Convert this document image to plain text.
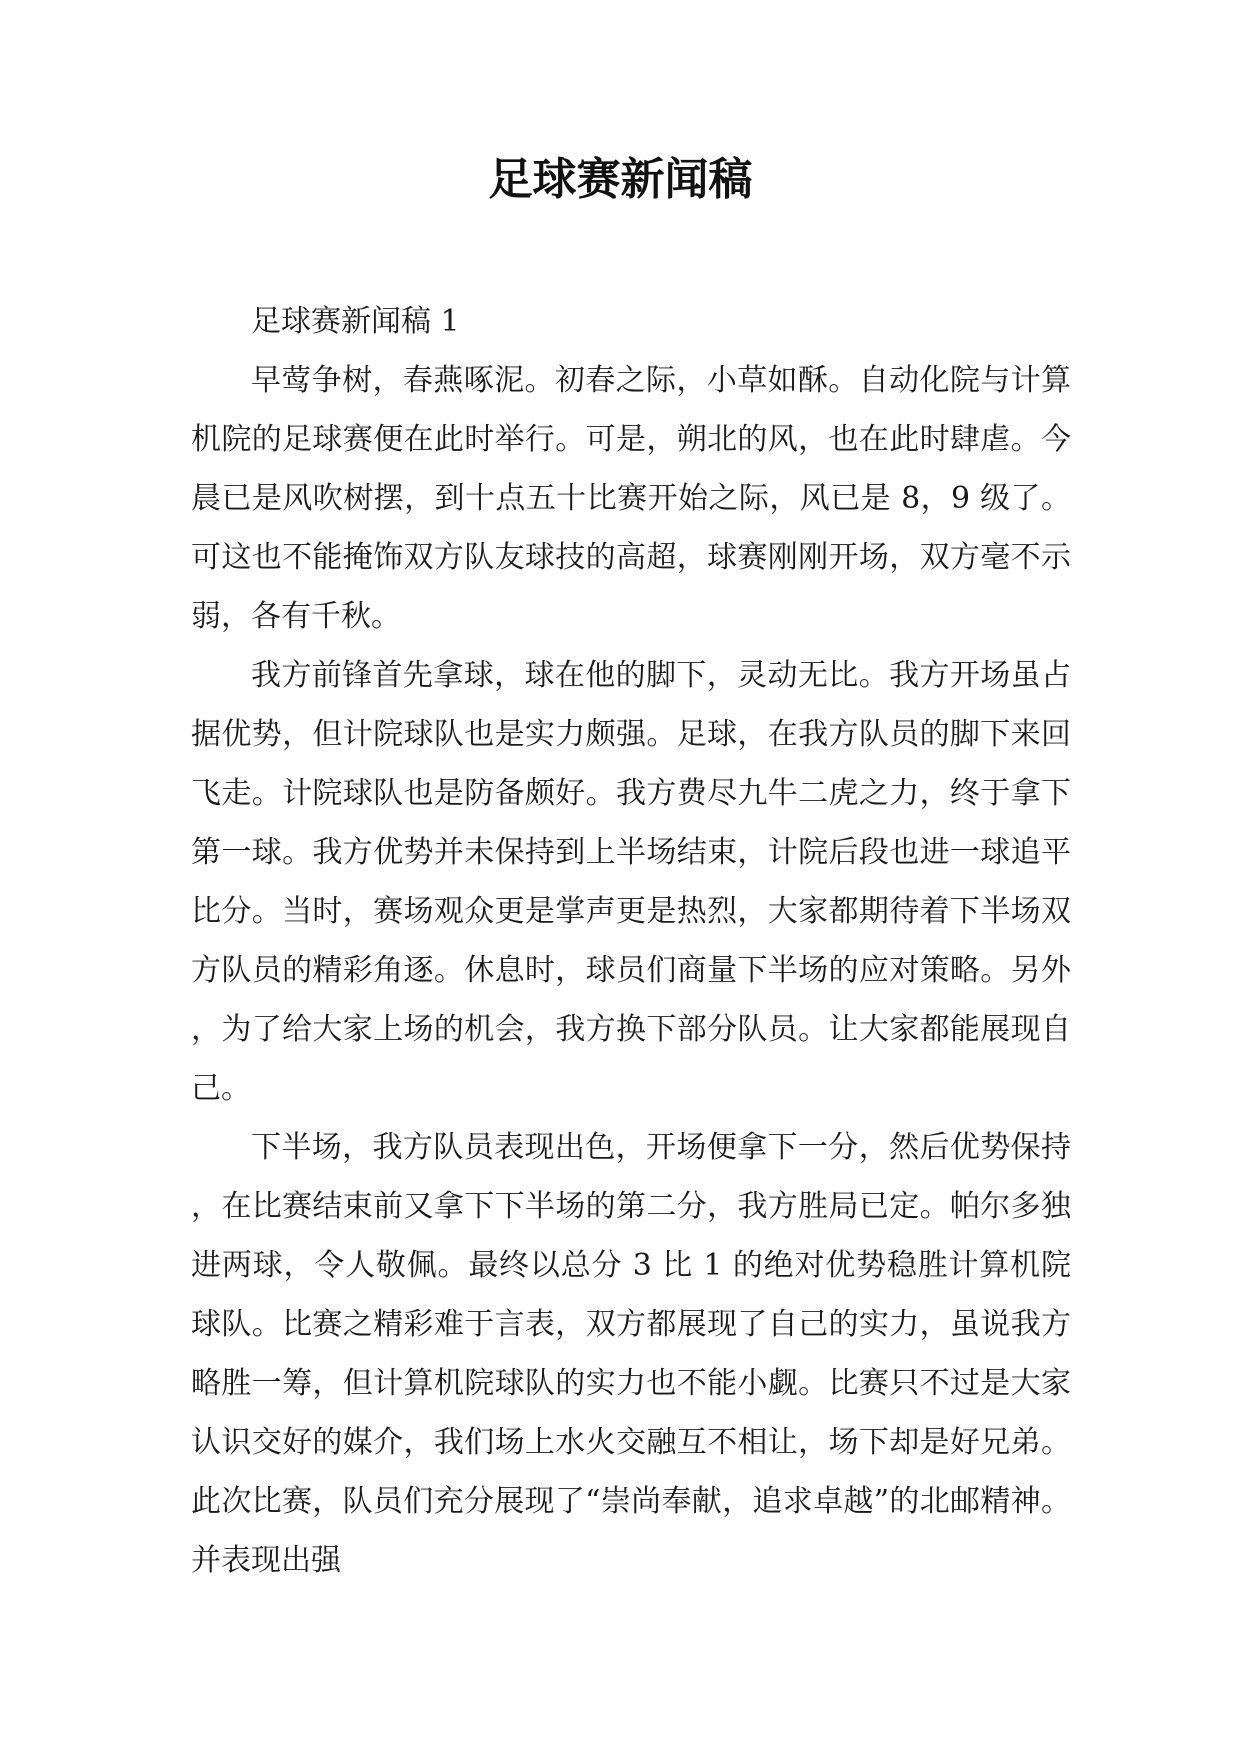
足球赛新闻稿

足球赛新闻稿 1

早莺争树，春燕啄泥。初春之际，小草如酥。自动化院与计算机院的足球赛便在此时举行。可是，朔北的风，也在此时肆虐。今晨已是风吹树摆，到十点五十比赛开始之际，风已是 8，9 级了。可这也不能掩饰双方队友球技的高超，球赛刚刚开场，双方毫不示弱，各有千秋。

我方前锋首先拿球，球在他的脚下，灵动无比。我方开场虽占据优势，但计院球队也是实力颇强。足球，在我方队员的脚下来回飞走。计院球队也是防备颇好。我方费尽九牛二虎之力，终于拿下第一球。我方优势并未保持到上半场结束，计院后段也进一球追平比分。当时，赛场观众更是掌声更是热烈，大家都期待着下半场双方队员的精彩角逐。休息时，球员们商量下半场的应对策略。另外，为了给大家上场的机会，我方换下部分队员。让大家都能展现自己。

下半场，我方队员表现出色，开场便拿下一分，然后优势保持，在比赛结束前又拿下下半场的第二分，我方胜局已定。帕尔多独进两球，令人敬佩。最终以总分 3 比 1 的绝对优势稳胜计算机院球队。比赛之精彩难于言表，双方都展现了自己的实力，虽说我方略胜一筹，但计算机院球队的实力也不能小觑。比赛只不过是大家认识交好的媒介，我们场上水火交融互不相让，场下却是好兄弟。此次比赛，队员们充分展现了“崇尚奉献，追求卓越”的北邮精神。并表现出强
